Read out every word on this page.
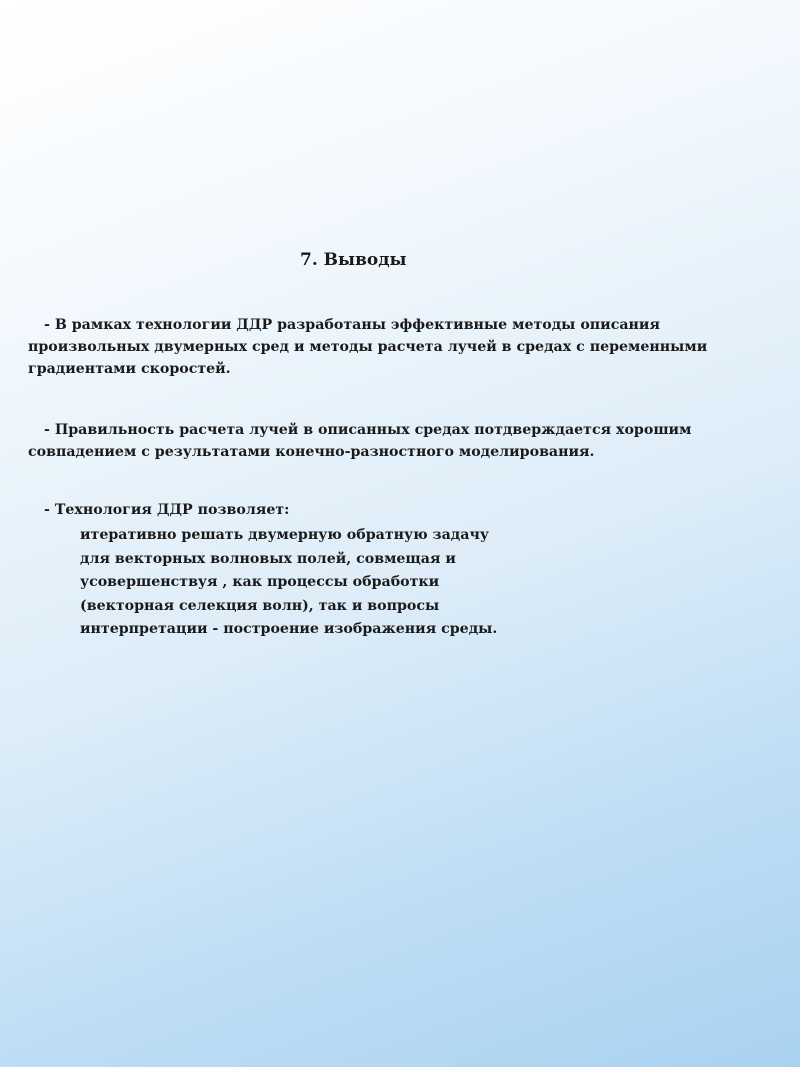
7. Выводы
- В рамках технологии ДДР разработаны эффективные методы описания
произвольных двумерных сред и методы расчета лучей в средах с переменными
градиентами скоростей.
- Правильность расчета лучей в описанных средах потдверждается хорошим
совпадением с результатами конечно-разностного моделирования.
- Технология ДДР позволяет:
итеративно решать двумерную обратную задачу
для векторных волновых полей, совмещая и
усовершенствуя , как процессы обработки
(векторная селекция волн), так и вопросы
интерпретации - построение изображения среды.
